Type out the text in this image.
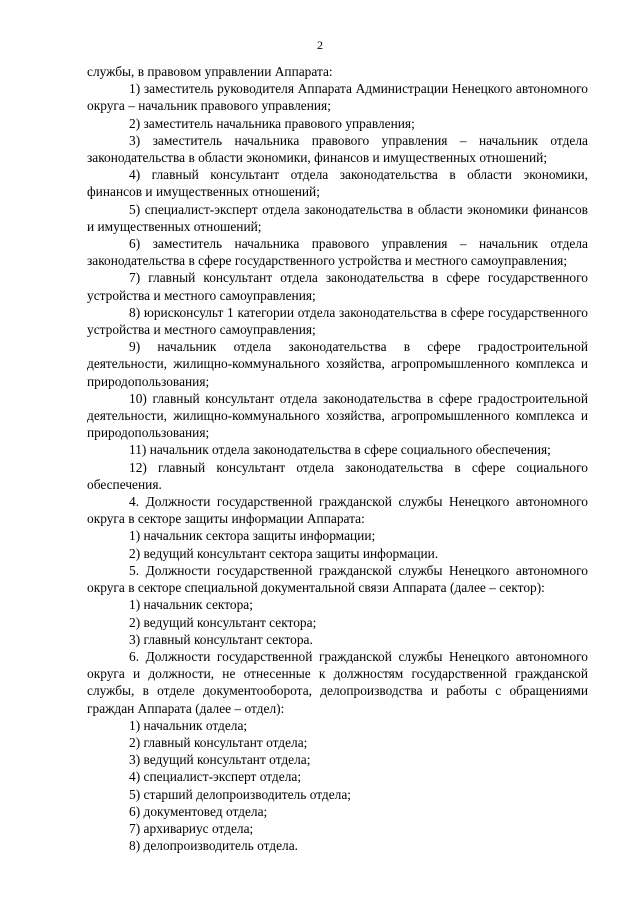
2

службы, в правовом управлении Аппарата:

1) заместитель руководителя Аппарата Администрации Ненецкого автономного округа – начальник правового управления;

2) заместитель начальника правового управления;

3) заместитель начальника правового управления – начальник отдела законодательства в области экономики, финансов и имущественных отношений;

4) главный консультант отдела законодательства в области экономики, финансов и имущественных отношений;

5) специалист-эксперт отдела законодательства в области экономики финансов и имущественных отношений;

6) заместитель начальника правового управления – начальник отдела законодательства в сфере государственного устройства и местного самоуправления;

7) главный консультант отдела законодательства в сфере государственного устройства и местного самоуправления;

8) юрисконсульт 1 категории отдела законодательства в сфере государственного устройства и местного самоуправления;

9) начальник отдела законодательства в сфере градостроительной деятельности, жилищно-коммунального хозяйства, агропромышленного комплекса и природопользования;

10) главный консультант отдела законодательства в сфере градостроительной деятельности, жилищно-коммунального хозяйства, агропромышленного комплекса и природопользования;

11) начальник отдела законодательства в сфере социального обеспечения;

12) главный консультант отдела законодательства в сфере социального обеспечения.

4. Должности государственной гражданской службы Ненецкого автономного округа в секторе защиты информации Аппарата:

1) начальник сектора защиты информации;

2) ведущий консультант сектора защиты информации.

5. Должности государственной гражданской службы Ненецкого автономного округа в секторе специальной документальной связи Аппарата (далее – сектор):

1) начальник сектора;

2) ведущий консультант сектора;

3) главный консультант сектора.

6. Должности государственной гражданской службы Ненецкого автономного округа и должности, не отнесенные к должностям государственной гражданской службы, в отделе документооборота, делопроизводства и работы с обращениями граждан Аппарата (далее – отдел):

1) начальник отдела;

2) главный консультант отдела;

3) ведущий консультант отдела;

4) специалист-эксперт отдела;

5) старший делопроизводитель отдела;

6) документовед отдела;

7) архивариус отдела;

8) делопроизводитель отдела.
